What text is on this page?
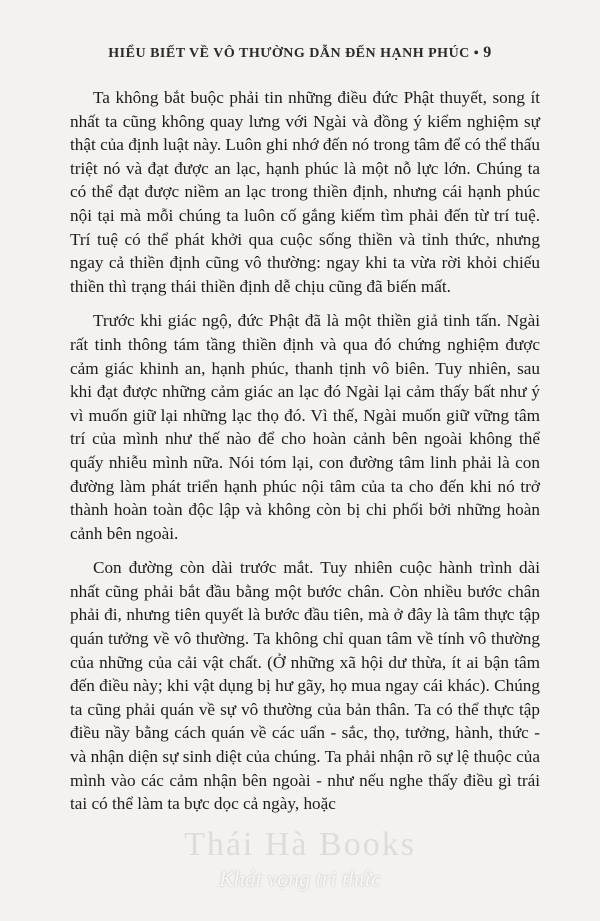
HIỂU BIẾT VỀ VÔ THƯỜNG DẪN ĐẾN HẠNH PHÚC • 9

Ta không bắt buộc phải tin những điều đức Phật thuyết, song ít nhất ta cũng không quay lưng với Ngài và đồng ý kiểm nghiệm sự thật của định luật này. Luôn ghi nhớ đến nó trong tâm để có thể thấu triệt nó và đạt được an lạc, hạnh phúc là một nỗ lực lớn. Chúng ta có thể đạt được niềm an lạc trong thiền định, nhưng cái hạnh phúc nội tại mà mỗi chúng ta luôn cố gắng kiếm tìm phải đến từ trí tuệ. Trí tuệ có thể phát khởi qua cuộc sống thiền và tỉnh thức, nhưng ngay cả thiền định cũng vô thường: ngay khi ta vừa rời khỏi chiếu thiền thì trạng thái thiền định dễ chịu cũng đã biến mất.

Trước khi giác ngộ, đức Phật đã là một thiền giả tinh tấn. Ngài rất tinh thông tám tầng thiền định và qua đó chứng nghiệm được cảm giác khinh an, hạnh phúc, thanh tịnh vô biên. Tuy nhiên, sau khi đạt được những cảm giác an lạc đó Ngài lại cảm thấy bất như ý vì muốn giữ lại những lạc thọ đó. Vì thế, Ngài muốn giữ vững tâm trí của mình như thế nào để cho hoàn cảnh bên ngoài không thể quấy nhiễu mình nữa. Nói tóm lại, con đường tâm linh phải là con đường làm phát triển hạnh phúc nội tâm của ta cho đến khi nó trở thành hoàn toàn độc lập và không còn bị chi phối bởi những hoàn cảnh bên ngoài.

Con đường còn dài trước mắt. Tuy nhiên cuộc hành trình dài nhất cũng phải bắt đầu bằng một bước chân. Còn nhiều bước chân phải đi, nhưng tiên quyết là bước đầu tiên, mà ở đây là tâm thực tập quán tưởng về vô thường. Ta không chỉ quan tâm về tính vô thường của những của cải vật chất. (Ở những xã hội dư thừa, ít ai bận tâm đến điều này; khi vật dụng bị hư gãy, họ mua ngay cái khác). Chúng ta cũng phải quán về sự vô thường của bản thân. Ta có thể thực tập điều nầy bằng cách quán về các uẩn - sắc, thọ, tưởng, hành, thức - và nhận diện sự sinh diệt của chúng. Ta phải nhận rõ sự lệ thuộc của mình vào các cảm nhận bên ngoài - như nếu nghe thấy điều gì trái tai có thể làm ta bực dọc cả ngày, hoặc

Thái Hà Books
Khát vọng tri thức
